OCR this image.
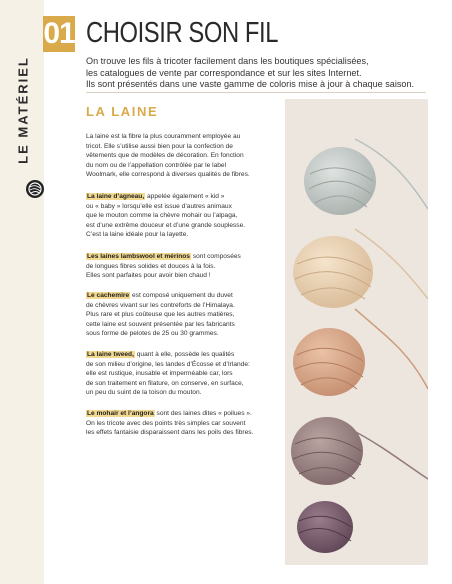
01
LE MATÉRIEL
CHOISIR SON FIL

On trouve les fils à tricoter facilement dans les boutiques spécialisées,

les catalogues de vente par correspondance et sur les sites Internet.

Ils sont présentés dans une vaste gamme de coloris mise à jour à chaque saison.

LA LAINE

La laine est la fibre la plus couramment employée au

tricot. Elle s’utilise aussi bien pour la confection de

vêtements que de modèles de décoration. En fonction

du nom ou de l’appellation contrôlée par le label

Woolmark, elle correspond à diverses qualités de fibres.

La laine d’agneau, appelée également « kid »

ou « baby » lorsqu’elle est issue d’autres animaux

que le mouton comme la chèvre mohair ou l’alpaga,

est d’une extrême douceur et d’une grande souplesse.

C’est la laine idéale pour la layette.

Les laines lambswool et mérinos sont composées

de longues fibres solides et douces à la fois.

Elles sont parfaites pour avoir bien chaud !

Le cachemire est composé uniquement du duvet

de chèvres vivant sur les contreforts de l’Himalaya.

Plus rare et plus coûteuse que les autres matières,

cette laine est souvent présentée par les fabricants

sous forme de pelotes de 25 ou 30 grammes.

La laine tweed, quant à elle, possède les qualités

de son milieu d’origine, les landes d’Écosse et d’Irlande:

elle est rustique, inusable et imperméable car, lors

de son traitement en filature, on conserve, en surface,

un peu du suint de la toison du mouton.

Le mohair et l’angora sont des laines dites « poilues ».

On les tricote avec des points très simples car souvent

les effets fantaisie disparaissent dans les poils des fibres.
